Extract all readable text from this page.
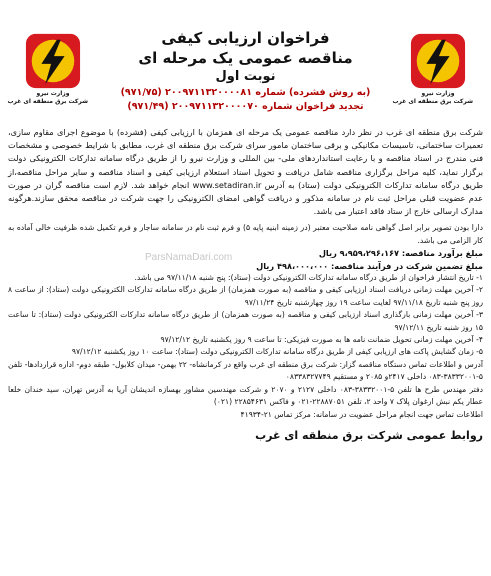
وزارت نیرو
شرکت برق منطقه ای غرب
فراخوان ارزیابی کیفی
مناقصه عمومی یک مرحله ای
نوبت اول
(به روش فشرده) شماره ۲۰۰۹۷۱۱۳۲۰۰۰۰۸۱ (۹۷۱/۷۵)
تجدید فراخوان شماره ۲۰۰۹۷۱۱۳۲۰۰۰۰۷۰ (۹۷۱/۴۹)
وزارت نیرو
شرکت برق منطقه ای غرب
شرکت برق منطقه ای غرب در نظر دارد مناقصه عمومی یک مرحله ای همزمان با ارزیابی کیفی (فشرده) با موضوع اجرای مقاوم سازی، تعمیرات ساختمانی، تاسیسات مکانیکی و برقی ساختمان مامور سرای شرکت برق منطقه ای غرب، مطابق با شرایط خصوصی و مشخصات فنی مندرج در اسناد مناقصه و با رعایت استانداردهای ملی- بین المللی و وزارت نیرو را از طریق درگاه سامانه تدارکات الکترونیکی دولت برگزار نماید، کلیه مراحل برگزاری مناقصه شامل دریافت و تحویل اسناد استعلام ارزیابی کیفی و اسناد مناقصه و سایر مراحل مناقصه،از طریق درگاه سامانه تدارکات الکترونیکی دولت (ستاد) به آدرس www.setadiran.ir انجام خواهد شد. لازم است مناقصه گران در صورت عدم عضویت قبلی مراحل ثبت نام در سامانه مذکور و دریافت گواهی امضای الکترونیکی را جهت شرکت در مناقصه محقق سازند.هرگونه مدارک ارسالی خارج از ستاد فاقد اعتبار می باشد.
ParsNamaDari.com
دارا بودن تصویر برابر اصل گواهی نامه صلاحیت معتبر (در زمینه ابنیه پایه ۵) و فرم ثبت نام در سامانه ساجار و فرم تکمیل شده ظرفیت خالی آماده به کار الزامی می باشد.
مبلغ برآورد مناقصه: ۹،۹۵۹،۲۹۶،۱۶۷ ریال
مبلغ تضمین شرکت در فرآیند مناقصه: ۴۹۸،۰۰۰،۰۰۰ ریال
۱- تاریخ انتشار فراخوان از طریق درگاه سامانه تدارکات الکترونیکی دولت (ستاد): پنج شنبه ۹۷/۱۱/۱۸ می باشد.
۲- آخرین مهلت زمانی دریافت اسناد ارزیابی کیفی و مناقصه (به صورت همزمان) از طریق درگاه سامانه تدارکات الکترونیکی دولت (ستاد): از ساعت ۸ روز پنج شنبه تاریخ ۹۷/۱۱/۱۸ لغایت ساعت ۱۹ روز چهارشنبه تاریخ ۹۷/۱۱/۲۴
۳- آخرین مهلت زمانی بارگذاری اسناد ارزیابی کیفی و مناقصه (به صورت همزمان) از طریق درگاه سامانه تدارکات الکترونیکی دولت (ستاد): تا ساعت ۱۵ روز شنبه تاریخ ۹۷/۱۲/۱۱
۴- آخرین مهلت زمانی تحویل ضمانت نامه ها به صورت فیزیکی: تا ساعت ۹ روز یکشنبه تاریخ ۹۷/۱۲/۱۲
۵- زمان گشایش پاکت های ارزیابی کیفی از طریق درگاه سامانه تدارکات الکترونیکی دولت (ستاد): ساعت ۱۰ روز یکشنبه ۹۷/۱۲/۱۲
آدرس و اطلاعات تماس دستگاه مناقصه گزار: شرکت برق منطقه ای غرب واقع در کرمانشاه- ۲۲ بهمن- میدان کلابول- طبقه دوم- اداره قراردادها- تلفن ۵-۳۸۳۳۲۰۰۱-۰۸۳ داخلی ۲۴۱۷و ۲۰۸۵ و مستقیم ۰۸۳۳۸۳۲۷۷۴۹
دفتر مهندس طرح ها تلفن ۵-۳۸۳۳۲۰۰۱-۰۸۳ داخلی ۲۱۲۷ و ۲۰۷۰ و شرکت مهندسین مشاور بهسازه اندیشان آریا به آدرس تهران، سید خندان خلعا عطار یکم نبش ارغوان پلاک ۷ واحد ۲، تلفن ۲۲۸۸۷۰۵۱-۰۲۱ و فاکس ۲۲۸۵۴۶۳۱ (۰۲۱)
اطلاعات تماس جهت انجام مراحل عضویت در سامانه: مرکز تماس ۲۱-۴۱۹۳۴
روابط عمومی شرکت برق منطقه ای غرب
